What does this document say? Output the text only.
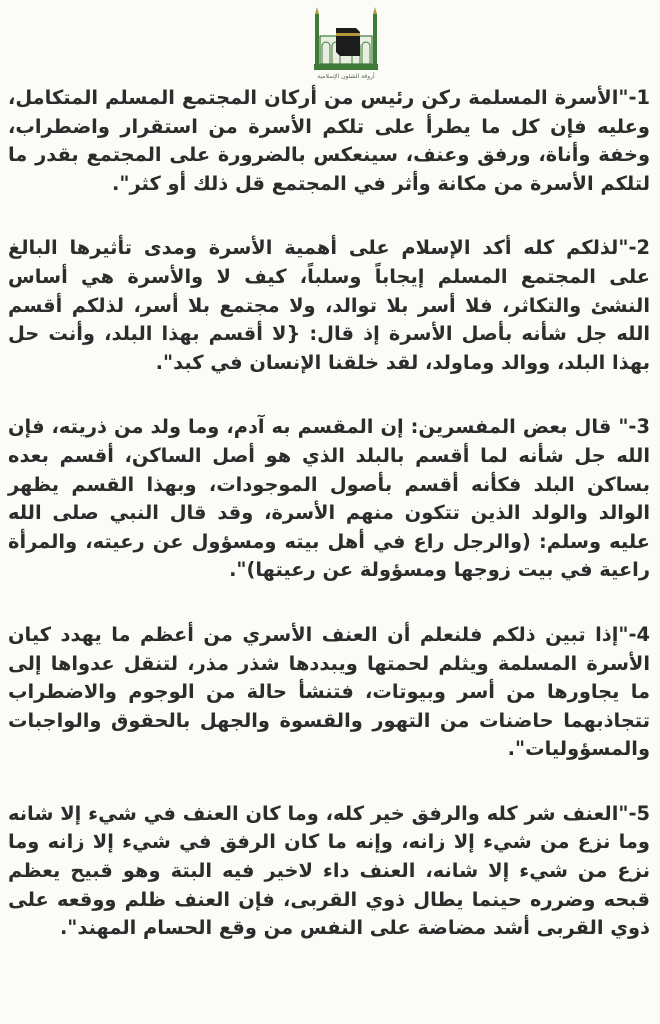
أروقة الشئون الإسلامية

1-"الأسرة المسلمة ركن رئيس من أركان المجتمع المسلم المتكامل، وعليه فإن كل ما يطرأ على تلكم الأسرة من استقرار واضطراب، وخفة وأناة، ورفق وعنف، سينعكس بالضرورة على المجتمع بقدر ما لتلكم الأسرة من مكانة وأثر في المجتمع قل ذلك أو كثر".

2-"لذلكم كله أكد الإسلام على أهمية الأسرة ومدى تأثيرها البالغ على المجتمع المسلم إيجاباً وسلباً، كيف لا والأسرة هي أساس النشئ والتكاثر، فلا أسر بلا توالد، ولا مجتمع بلا أسر، لذلكم أقسم الله جل شأنه بأصل الأسرة إذ قال: {لا أقسم بهذا البلد، وأنت حل بهذا البلد، ووالد وماولد، لقد خلقنا الإنسان في كبد".

3-" قال بعض المفسرين: إن المقسم به آدم، وما ولد من ذريته، فإن الله جل شأنه لما أقسم بالبلد الذي هو أصل الساكن، أقسم بعده بساكن البلد فكأنه أقسم بأصول الموجودات، وبهذا القسم يظهر الوالد والولد الذين تتكون منهم الأسرة، وقد قال النبي صلى الله عليه وسلم: (والرجل راع في أهل بيته ومسؤول عن رعيته، والمرأة راعية في بيت زوجها ومسؤولة عن رعيتها)".

4-"إذا تبين ذلكم فلنعلم أن العنف الأسري من أعظم ما يهدد كيان الأسرة المسلمة ويثلم لحمتها ويبددها شذر مذر، لتنقل عدواها إلى ما يجاورها من أسر وبيوتات، فتنشأ حالة من الوجوم والاضطراب تتجاذبهما حاضنات من التهور والقسوة والجهل بالحقوق والواجبات والمسؤوليات".

5-"العنف شر كله والرفق خير كله، وما كان العنف في شيء إلا شانه وما نزع من شيء إلا زانه، وإنه ما كان الرفق في شيء إلا زانه وما نزع من شيء إلا شانه، العنف داء لاخير فيه البتة وهو قبيح يعظم قبحه وضرره حينما يطال ذوي القربى، فإن العنف ظلم ووقعه على ذوي القربى أشد مضاضة على النفس من وقع الحسام المهند".
